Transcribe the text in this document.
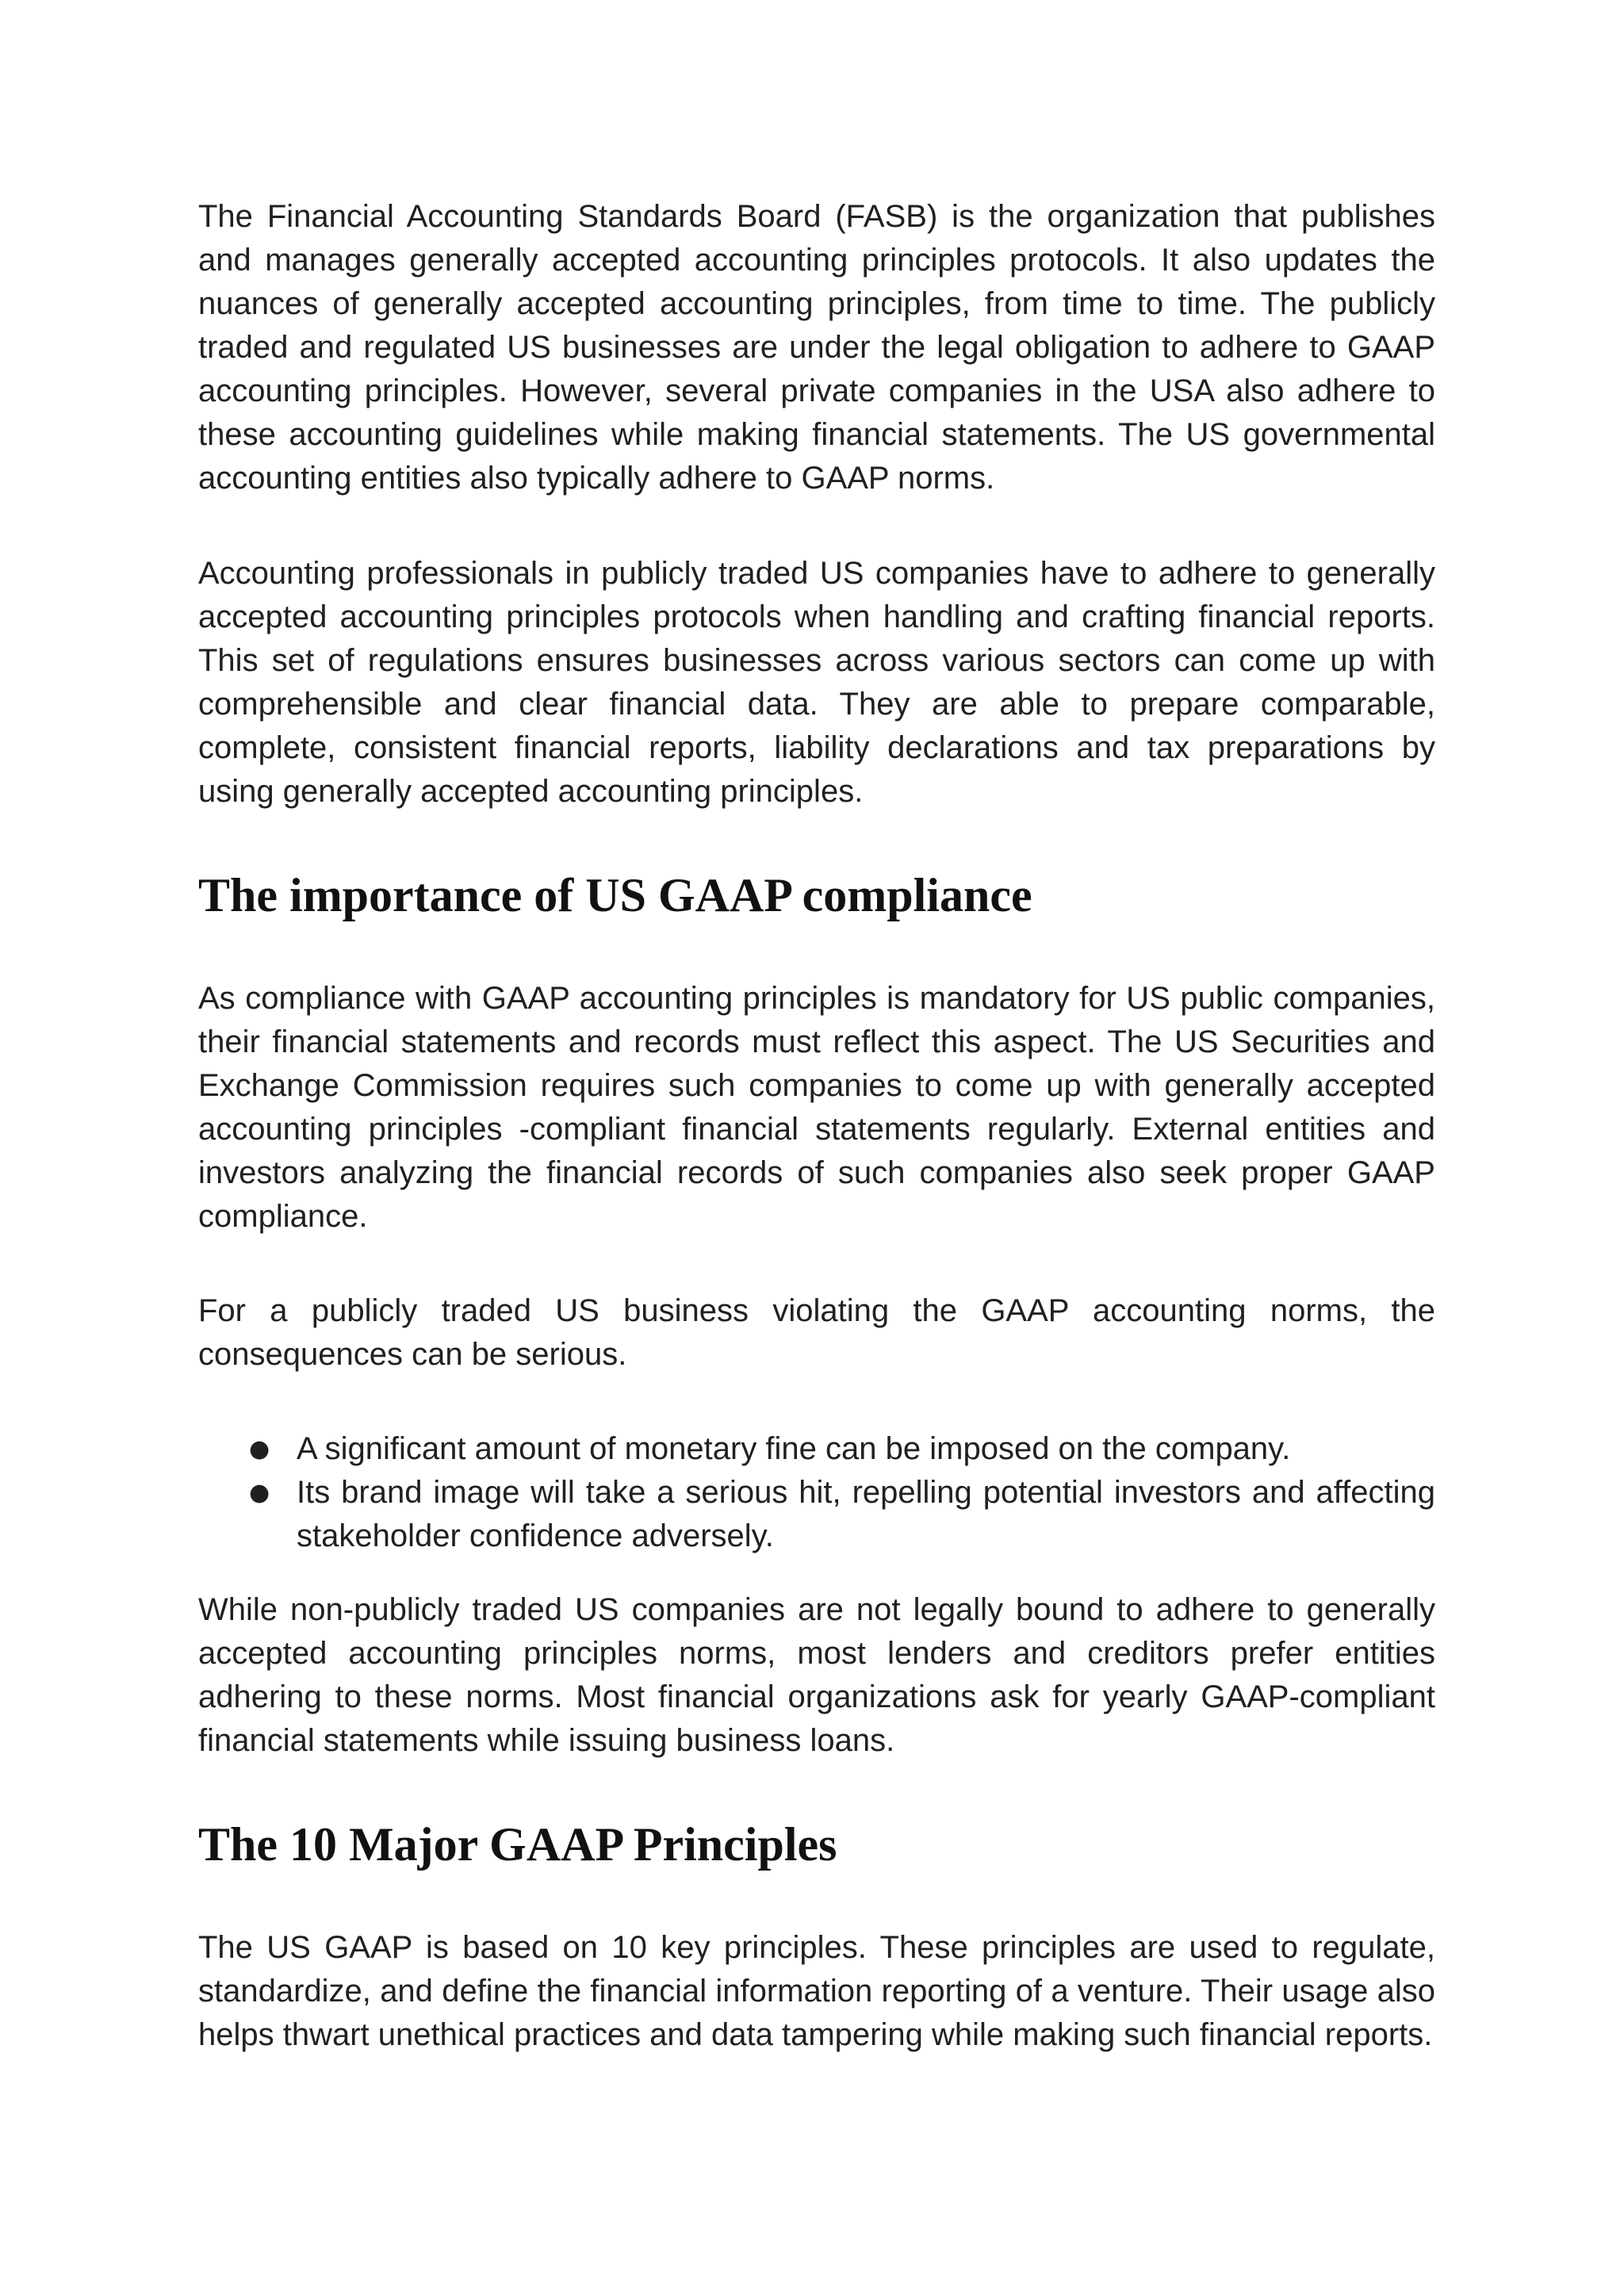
The Financial Accounting Standards Board (FASB) is the organization that publishes and manages generally accepted accounting principles protocols. It also updates the nuances of generally accepted accounting principles, from time to time. The publicly traded and regulated US businesses are under the legal obligation to adhere to GAAP accounting principles. However, several private companies in the USA also adhere to these accounting guidelines while making financial statements. The US governmental accounting entities also typically adhere to GAAP norms.

Accounting professionals in publicly traded US companies have to adhere to generally accepted accounting principles protocols when handling and crafting financial reports. This set of regulations ensures businesses across various sectors can come up with comprehensible and clear financial data. They are able to prepare comparable, complete, consistent financial reports, liability declarations and tax preparations by using generally accepted accounting principles.

The importance of US GAAP compliance

As compliance with GAAP accounting principles is mandatory for US public companies, their financial statements and records must reflect this aspect. The US Securities and Exchange Commission requires such companies to come up with generally accepted accounting principles -compliant financial statements regularly. External entities and investors analyzing the financial records of such companies also seek proper GAAP compliance.

For a publicly traded US business violating the GAAP accounting norms, the consequences can be serious.

● A significant amount of monetary fine can be imposed on the company.
● Its brand image will take a serious hit, repelling potential investors and affecting stakeholder confidence adversely.

While non-publicly traded US companies are not legally bound to adhere to generally accepted accounting principles norms, most lenders and creditors prefer entities adhering to these norms. Most financial organizations ask for yearly GAAP-compliant financial statements while issuing business loans.

The 10 Major GAAP Principles

The US GAAP is based on 10 key principles. These principles are used to regulate, standardize, and define the financial information reporting of a venture. Their usage also helps thwart unethical practices and data tampering while making such financial reports.
